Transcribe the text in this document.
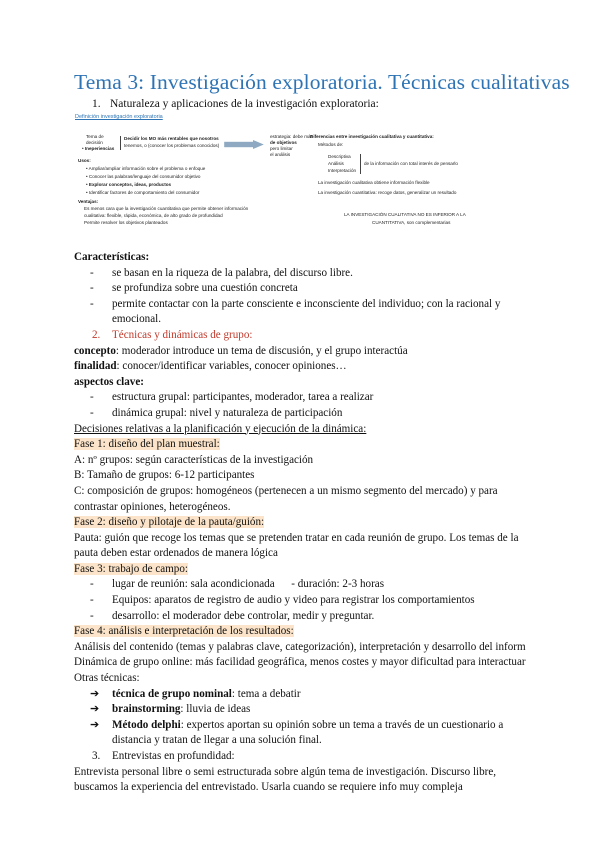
Tema 3: Investigación exploratoria. Técnicas cualitativas
1. Naturaleza y aplicaciones de la investigación exploratoria:
Definición investigación exploratoria
Tema de
decisión
• Ineperiencias
Decidir los MO más rentables que nosotros
tenemos, o (conocer los problemas conocidos)
estrategia: debe más
de objetivos
pero limitar
el análisis
Usos:
• Ampliar/ampliar información sobre el problema o enfoque
• Conocer las palabras/lenguaje del consumidor objetivo
• Explorar conceptos, ideas, productos
• Identificar factores de comportamiento del consumidor
Ventajas:
Es menos cara que la investigación cuantitativa que permite obtener información
cualitativa: flexible, rápida, económica, de alto grado de profundidad
Permite resolver los objetivos planteados
Diferencias entre investigación cualitativa y cuantitativa:
Métodos de:
Descriptiva
Análisis
Interpretación
de la información con total interés de pensarlo
La investigación cualitativa obtiene información flexible
La investigación cuantitativa: recoge datos, generalizar un resultado
LA INVESTIGACIÓN CUALITATIVA NO ES INFERIOR A LA
CUANTITATIVA, son complementarias
Características:
- se basan en la riqueza de la palabra, del discurso libre.
- se profundiza sobre una cuestión concreta
- permite contactar con la parte consciente e inconsciente del individuo; con la racional y
emocional.
2. Técnicas y dinámicas de grupo:
concepto: moderador introduce un tema de discusión, y el grupo interactúa
finalidad: conocer/identificar variables, conocer opiniones…
aspectos clave:
- estructura grupal: participantes, moderador, tarea a realizar
- dinámica grupal: nivel y naturaleza de participación
Decisiones relativas a la planificación y ejecución de la dinámica:
Fase 1: diseño del plan muestral:
A: nº grupos: según características de la investigación
B: Tamaño de grupos: 6-12 participantes
C: composición de grupos: homogéneos (pertenecen a un mismo segmento del mercado) y para
contrastar opiniones, heterogéneos.
Fase 2: diseño y pilotaje de la pauta/guión:
Pauta: guión que recoge los temas que se pretenden tratar en cada reunión de grupo. Los temas de la
pauta deben estar ordenados de manera lógica
Fase 3: trabajo de campo:
- lugar de reunión: sala acondicionada      - duración: 2-3 horas
- Equipos: aparatos de registro de audio y video para registrar los comportamientos
- desarrollo: el moderador debe controlar, medir y preguntar.
Fase 4: análisis e interpretación de los resultados:
Análisis del contenido (temas y palabras clave, categorización), interpretación y desarrollo del inform
Dinámica de grupo online: más facilidad geográfica, menos costes y mayor dificultad para interactuar
Otras técnicas:
➔ técnica de grupo nominal: tema a debatir
➔ brainstorming: lluvia de ideas
➔ Método delphi: expertos aportan su opinión sobre un tema a través de un cuestionario a
distancia y tratan de llegar a una solución final.
3. Entrevistas en profundidad:
Entrevista personal libre o semi estructurada sobre algún tema de investigación. Discurso libre,
buscamos la experiencia del entrevistado. Usarla cuando se requiere info muy compleja
